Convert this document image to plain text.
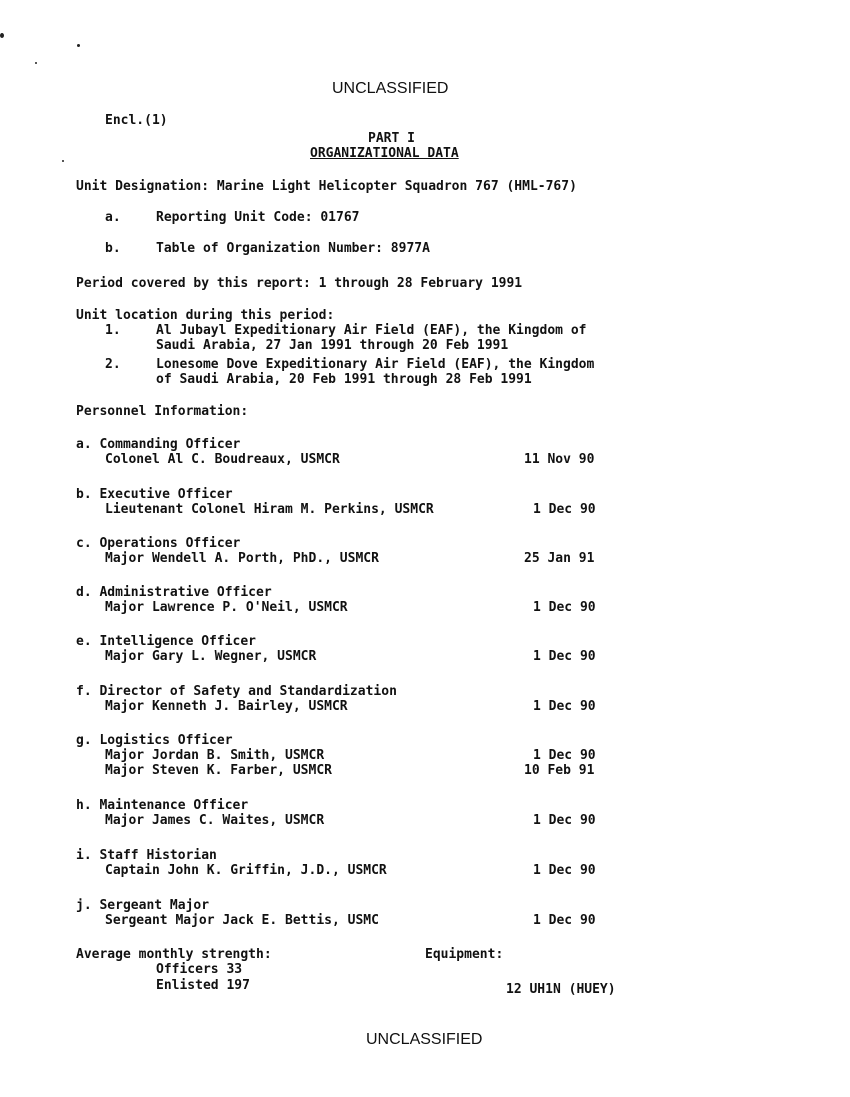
UNCLASSIFIED
Encl.(1)
PART I
ORGANIZATIONAL DATA
Unit Designation: Marine Light Helicopter Squadron 767 (HML-767)
a.	Reporting Unit Code: 01767
b.	Table of Organization Number: 8977A
Period covered by this report: 1 through 28 February 1991
Unit location during this period:
1.	Al Jubayl Expeditionary Air Field (EAF), the Kingdom of
Saudi Arabia, 27 Jan 1991 through 20 Feb 1991
2.	Lonesome Dove Expeditionary Air Field (EAF), the Kingdom
of Saudi Arabia, 20 Feb 1991 through 28 Feb 1991
Personnel Information:
a. Commanding Officer
Colonel Al C. Boudreaux, USMCR	11 Nov 90
b. Executive Officer
Lieutenant Colonel Hiram M. Perkins, USMCR	1 Dec 90
c. Operations Officer
Major Wendell A. Porth, PhD., USMCR	25 Jan 91
d. Administrative Officer
Major Lawrence P. O'Neil, USMCR	1 Dec 90
e. Intelligence Officer
Major Gary L. Wegner, USMCR	1 Dec 90
f. Director of Safety and Standardization
Major Kenneth J. Bairley, USMCR	1 Dec 90
g. Logistics Officer
Major Jordan B. Smith, USMCR	1 Dec 90
Major Steven K. Farber, USMCR	10 Feb 91
h. Maintenance Officer
Major James C. Waites, USMCR	1 Dec 90
i. Staff Historian
Captain John K. Griffin, J.D., USMCR	1 Dec 90
j. Sergeant Major
Sergeant Major Jack E. Bettis, USMC	1 Dec 90
Average monthly strength:	Equipment:
Officers 33
Enlisted 197	12 UH1N (HUEY)
UNCLASSIFIED
